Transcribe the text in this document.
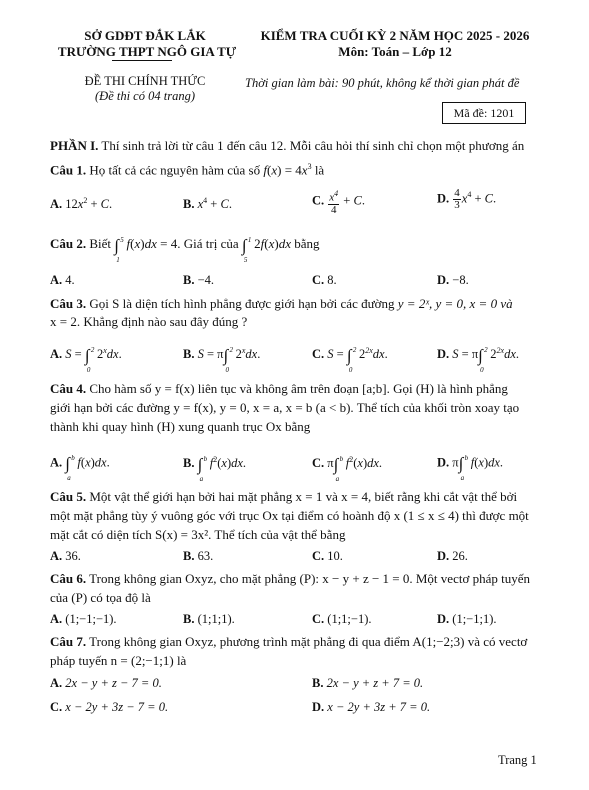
SỞ GDĐT ĐẮK LẮK
TRƯỜNG THPT NGÔ GIA TỰ
KIỂM TRA CUỐI KỲ 2 NĂM HỌC 2025 - 2026
Môn: Toán – Lớp 12
ĐỀ THI CHÍNH THỨC
(Đề thi có 04 trang)
Thời gian làm bài: 90 phút, không kể thời gian phát đề
Mã đề: 1201
PHẦN I. Thí sinh trả lời từ câu 1 đến câu 12. Mỗi câu hỏi thí sinh chỉ chọn một phương án
Câu 1. Họ tất cả các nguyên hàm của số $f(x) = 4x^3$ là
A. $12x^2 + C$.	B. $x^4 + C$.	C. $\frac{x^4}{4} + C$.	D. $\frac{4}{3} x^4 + C$.
Câu 2. Biết ∫ 5
1
f(x)dx = 4. Giá trị của ∫ 1
5
2f(x)dx bằng
A. 4.	B. −4.	C. 8.	D. −8.
Câu 3. Gọi S là diện tích hình phẳng được giới hạn bởi các đường y = 2ˣ, y = 0, x = 0 và
x = 2. Khẳng định nào sau đây đúng ?
A. S = ∫ 2
0
2$^x$dx.	B. S = π∫ 2
0
2$^x$dx.	C. S = ∫ 2
0
$2^{2x}dx$.	D. S = π∫ 2
0
$2^{2x}dx$.
Câu 4. Cho hàm số y = f(x) liên tục và không âm trên đoạn [a;b]. Gọi (H) là hình phẳng
giới hạn bởi các đường y = f(x), y = 0, x = a, x = b (a < b). Thể tích của khối tròn xoay tạo
thành khi quay hình (H) xung quanh trục Ox bằng
A. ∫ b
a
f(x)dx.	B. ∫ b
a
$f^2(x)dx$.	C. π∫ b
a
$f^2(x)dx$.	D. π∫ b
a
f(x)dx.
Câu 5. Một vật thể giới hạn bởi hai mặt phẳng x = 1 và x = 4, biết rằng khi cắt vật thể bởi
một mặt phẳng tùy ý vuông góc với trục Ox tại điểm có hoành độ x (1 ≤ x ≤ 4) thì được một
mặt cắt có diện tích S(x) = 3x². Thể tích của vật thể bằng
A. 36.	B. 63.	C. 10.	D. 26.
Câu 6. Trong không gian Oxyz, cho mặt phẳng (P): x − y + z − 1 = 0. Một vectơ pháp tuyến
của (P) có tọa độ là
A. (1;−1;−1).	B. (1;1;1).	C. (1;1;−1).	D. (1;−1;1).
Câu 7. Trong không gian Oxyz, phương trình mặt phẳng đi qua điểm A(1;−2;3) và có vectơ
pháp tuyến n = (2;−1;1) là
A. 2x − y + z − 7 = 0.	B. 2x − y + z + 7 = 0.
C. x − 2y + 3z − 7 = 0.	D. x − 2y + 3z + 7 = 0.
Trang 1
